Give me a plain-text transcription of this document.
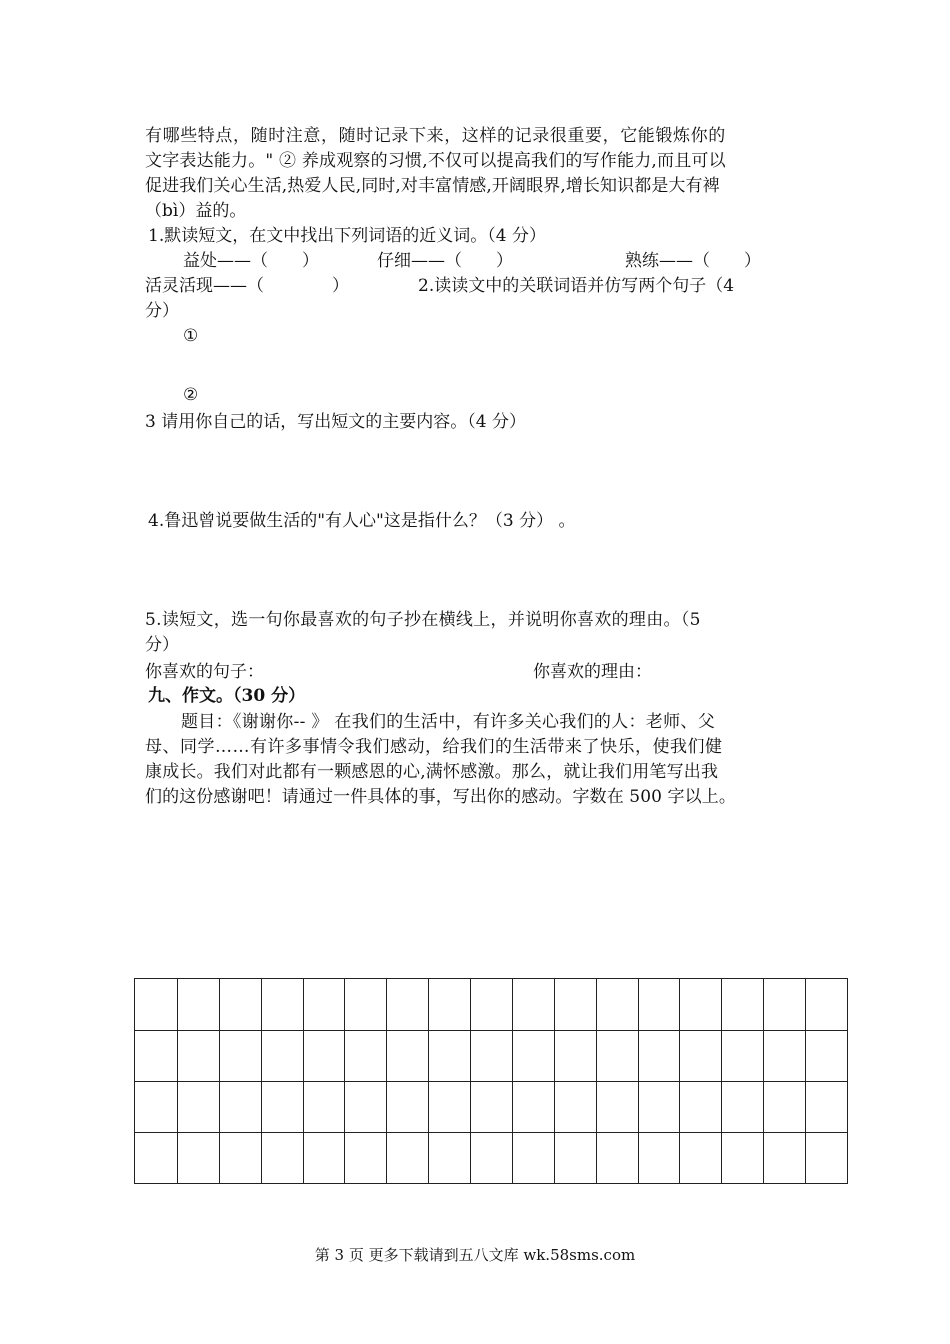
有哪些特点，随时注意，随时记录下来，这样的记录很重要，它能锻炼你的
文字表达能力。" ② 养成观察的习惯,不仅可以提高我们的写作能力,而且可以
促进我们关心生活,热爱人民,同时,对丰富情感,开阔眼界,增长知识都是大有裨
（bì）益的。
1.默读短文，在文中找出下列词语的近义词。（4 分）
益处——（　　）	仔细——（　　）	熟练——（　　）
活灵活现——（　　　　）	2.读读文中的关联词语并仿写两个句子（4
分）
①
②
3 请用你自己的话，写出短文的主要内容。（4 分）
4.鲁迅曾说要做生活的"有人心"这是指什么？（3 分） 。
5.读短文，选一句你最喜欢的句子抄在横线上，并说明你喜欢的理由。（5
分）
你喜欢的句子：	你喜欢的理由：
九、作文。（30 分）
题目：《谢谢你-- 》 在我们的生活中，有许多关心我们的人：老师、父
母、同学……有许多事情令我们感动，给我们的生活带来了快乐，使我们健
康成长。我们对此都有一颗感恩的心,满怀感激。那么，就让我们用笔写出我
们的这份感谢吧！请通过一件具体的事，写出你的感动。字数在 500 字以上。
第 3 页 更多下载请到五八文库 wk.58sms.com
